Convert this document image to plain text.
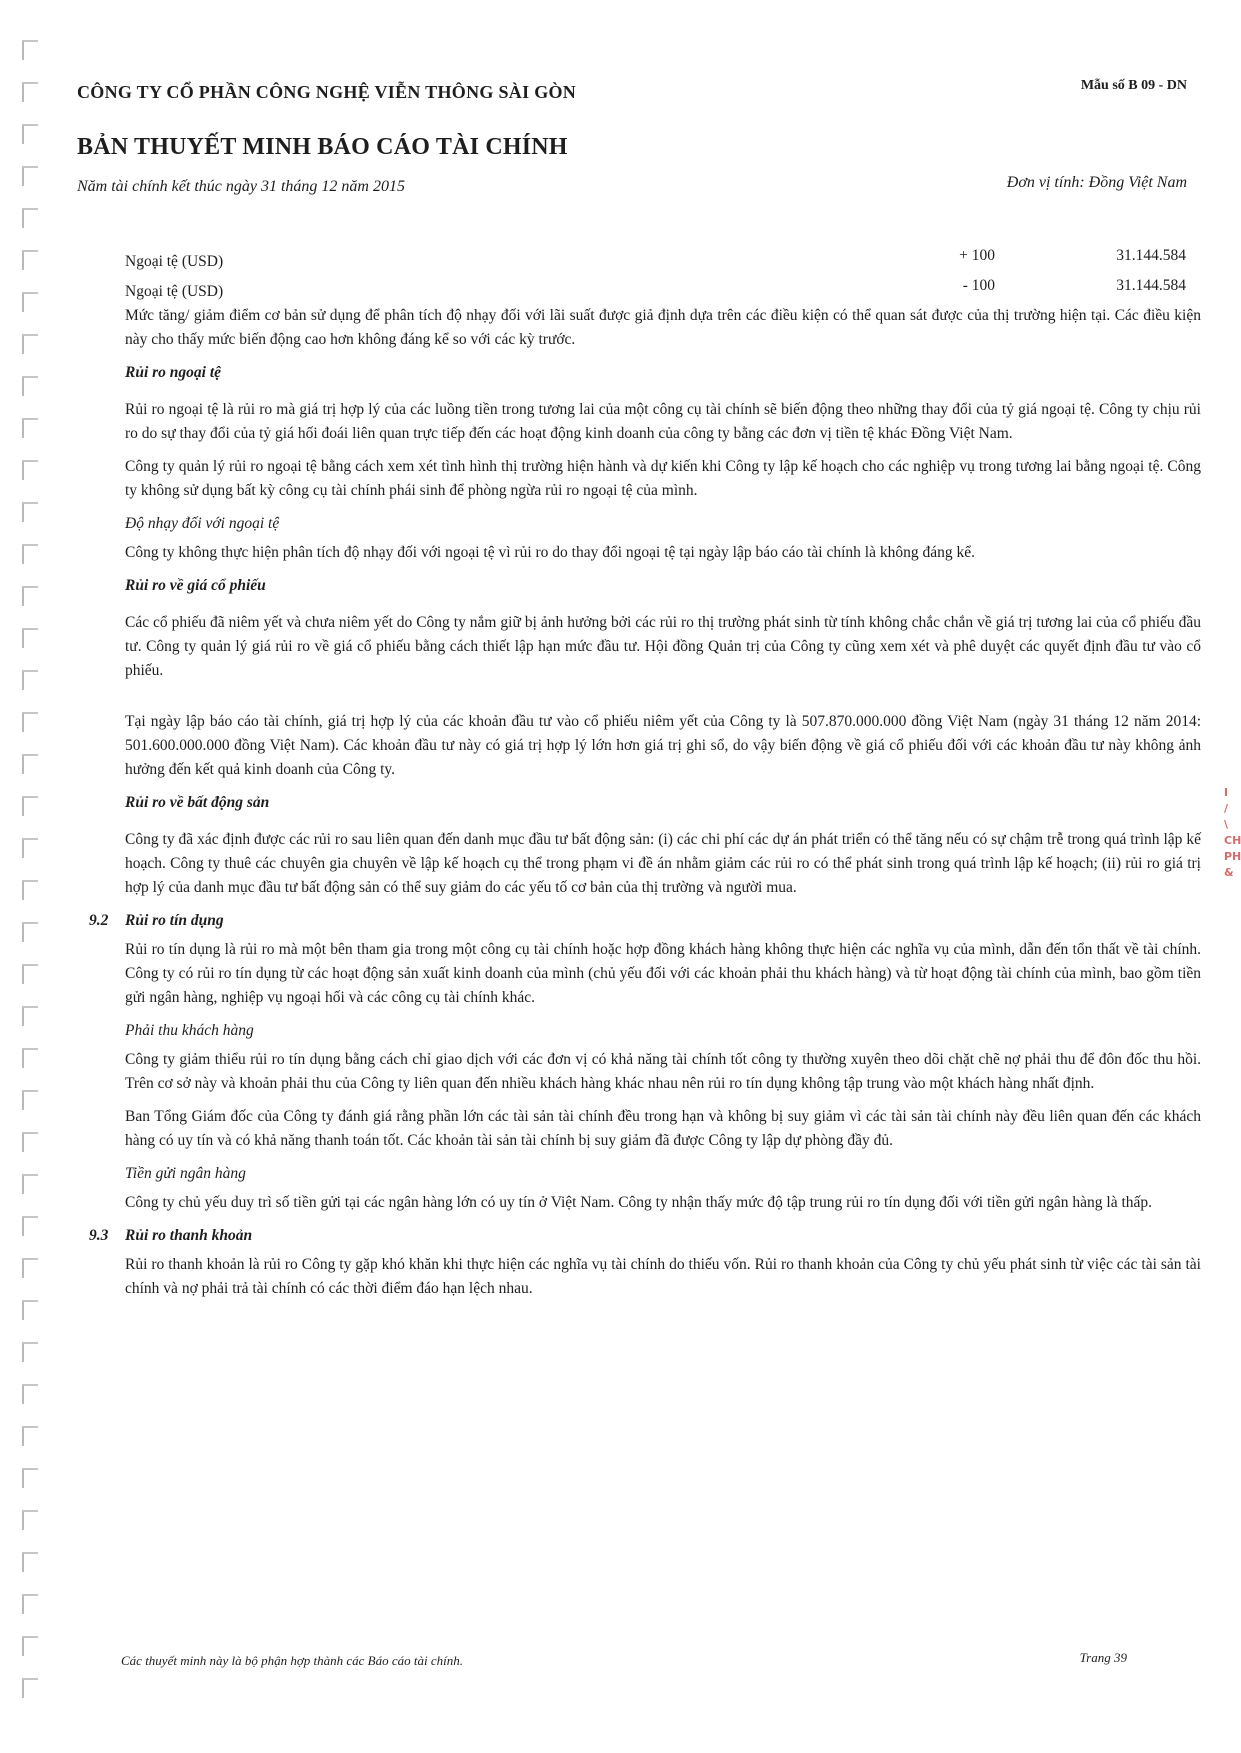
I
/
\
CH
PH
&
CÔNG TY CỔ PHẦN CÔNG NGHỆ VIỄN THÔNG SÀI GÒN	Mẫu số B 09 - DN
BẢN THUYẾT MINH BÁO CÁO TÀI CHÍNH
Năm tài chính kết thúc ngày 31 tháng 12 năm 2015	Đơn vị tính: Đồng Việt Nam
Ngoại tệ (USD)	+ 100	31.144.584
Ngoại tệ (USD)	- 100	31.144.584

Mức tăng/ giảm điểm cơ bản sử dụng để phân tích độ nhạy đối với lãi suất được giả định dựa trên các điều kiện có thể quan sát được của thị trường hiện tại. Các điều kiện này cho thấy mức biến động cao hơn không đáng kể so với các kỳ trước.

Rủi ro ngoại tệ

Rủi ro ngoại tệ là rủi ro mà giá trị hợp lý của các luồng tiền trong tương lai của một công cụ tài chính sẽ biến động theo những thay đổi của tỷ giá ngoại tệ. Công ty chịu rủi ro do sự thay đổi của tỷ giá hối đoái liên quan trực tiếp đến các hoạt động kinh doanh của công ty bằng các đơn vị tiền tệ khác Đồng Việt Nam.

Công ty quản lý rủi ro ngoại tệ bằng cách xem xét tình hình thị trường hiện hành và dự kiến khi Công ty lập kế hoạch cho các nghiệp vụ trong tương lai bằng ngoại tệ. Công ty không sử dụng bất kỳ công cụ tài chính phái sinh để phòng ngừa rủi ro ngoại tệ của mình.

Độ nhạy đối với ngoại tệ

Công ty không thực hiện phân tích độ nhạy đối với ngoại tệ vì rủi ro do thay đổi ngoại tệ tại ngày lập báo cáo tài chính là không đáng kể.

Rủi ro về giá cổ phiếu

Các cổ phiếu đã niêm yết và chưa niêm yết do Công ty nắm giữ bị ảnh hưởng bởi các rủi ro thị trường phát sinh từ tính không chắc chắn về giá trị tương lai của cổ phiếu đầu tư. Công ty quản lý giá rủi ro về giá cổ phiếu bằng cách thiết lập hạn mức đầu tư. Hội đồng Quản trị của Công ty cũng xem xét và phê duyệt các quyết định đầu tư vào cổ phiếu.

Tại ngày lập báo cáo tài chính, giá trị hợp lý của các khoản đầu tư vào cổ phiếu niêm yết của Công ty là 507.870.000.000 đồng Việt Nam (ngày 31 tháng 12 năm 2014: 501.600.000.000 đồng Việt Nam). Các khoản đầu tư này có giá trị hợp lý lớn hơn giá trị ghi sổ, do vậy biến động về giá cổ phiếu đối với các khoản đầu tư này không ảnh hưởng đến kết quả kinh doanh của Công ty.

Rủi ro về bất động sản

Công ty đã xác định được các rủi ro sau liên quan đến danh mục đầu tư bất động sản: (i) các chi phí các dự án phát triển có thể tăng nếu có sự chậm trễ trong quá trình lập kế hoạch. Công ty thuê các chuyên gia chuyên về lập kế hoạch cụ thể trong phạm vi đề án nhằm giảm các rủi ro có thể phát sinh trong quá trình lập kế hoạch; (ii) rủi ro giá trị hợp lý của danh mục đầu tư bất động sản có thể suy giảm do các yếu tố cơ bản của thị trường và người mua.

9.2 Rủi ro tín dụng

Rủi ro tín dụng là rủi ro mà một bên tham gia trong một công cụ tài chính hoặc hợp đồng khách hàng không thực hiện các nghĩa vụ của mình, dẫn đến tổn thất về tài chính. Công ty có rủi ro tín dụng từ các hoạt động sản xuất kinh doanh của mình (chủ yếu đối với các khoản phải thu khách hàng) và từ hoạt động tài chính của mình, bao gồm tiền gửi ngân hàng, nghiệp vụ ngoại hối và các công cụ tài chính khác.

Phải thu khách hàng

Công ty giảm thiểu rủi ro tín dụng bằng cách chỉ giao dịch với các đơn vị có khả năng tài chính tốt công ty thường xuyên theo dõi chặt chẽ nợ phải thu để đôn đốc thu hồi. Trên cơ sở này và khoản phải thu của Công ty liên quan đến nhiều khách hàng khác nhau nên rủi ro tín dụng không tập trung vào một khách hàng nhất định.

Ban Tổng Giám đốc của Công ty đánh giá rằng phần lớn các tài sản tài chính đều trong hạn và không bị suy giảm vì các tài sản tài chính này đều liên quan đến các khách hàng có uy tín và có khả năng thanh toán tốt. Các khoản tài sản tài chính bị suy giảm đã được Công ty lập dự phòng đầy đủ.

Tiền gửi ngân hàng

Công ty chủ yếu duy trì số tiền gửi tại các ngân hàng lớn có uy tín ở Việt Nam. Công ty nhận thấy mức độ tập trung rủi ro tín dụng đối với tiền gửi ngân hàng là thấp.

9.3 Rủi ro thanh khoản

Rủi ro thanh khoản là rủi ro Công ty gặp khó khăn khi thực hiện các nghĩa vụ tài chính do thiếu vốn. Rủi ro thanh khoản của Công ty chủ yếu phát sinh từ việc các tài sản tài chính và nợ phải trả tài chính có các thời điểm đáo hạn lệch nhau.

Các thuyết minh này là bộ phận hợp thành các Báo cáo tài chính.	Trang 39
